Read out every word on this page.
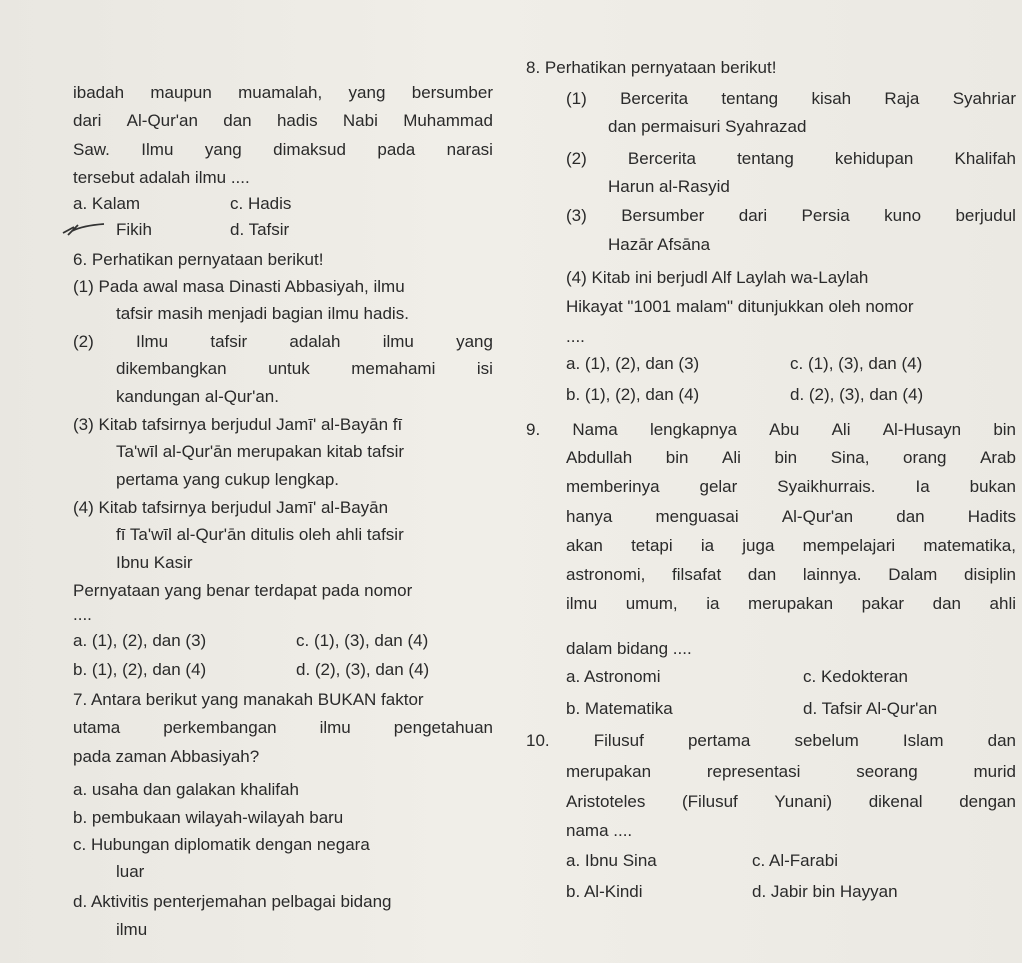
ibadah maupun muamalah, yang bersumber
dari Al-Qur'an dan hadis Nabi Muhammad
Saw. Ilmu yang dimaksud pada narasi
tersebut adalah ilmu ....
a. Kalam	c. Hadis
Fikih	d. Tafsir
6. Perhatikan pernyataan berikut!
(1) Pada awal masa Dinasti Abbasiyah, ilmu
tafsir masih menjadi bagian ilmu hadis.
(2) Ilmu tafsir adalah ilmu yang
dikembangkan untuk memahami isi
kandungan al-Qur'an.
(3) Kitab tafsirnya berjudul Jamī' al-Bayān fī
Ta'wīl al-Qur'ān merupakan kitab tafsir
pertama yang cukup lengkap.
(4) Kitab tafsirnya berjudul Jamī' al-Bayān
fī Ta'wīl al-Qur'ān ditulis oleh ahli tafsir
Ibnu Kasir
Pernyataan yang benar terdapat pada nomor
....
a. (1), (2), dan (3)	c. (1), (3), dan (4)
b. (1), (2), dan (4)	d. (2), (3), dan (4)
7. Antara berikut yang manakah BUKAN faktor
utama	perkembangan	ilmu	pengetahuan
pada zaman Abbasiyah?
a. usaha dan galakan khalifah
b. pembukaan wilayah-wilayah baru
c. Hubungan diplomatik dengan negara
luar
d. Aktivitis penterjemahan pelbagai bidang
ilmu
8. Perhatikan pernyataan berikut!
(1) Bercerita tentang kisah Raja Syahriar
dan permaisuri Syahrazad
(2) Bercerita tentang kehidupan Khalifah
Harun al-Rasyid
(3) Bersumber dari Persia kuno berjudul
Hazār Afsāna
(4) Kitab ini berjudl Alf Laylah wa-Laylah
Hikayat "1001 malam" ditunjukkan oleh nomor
....
a. (1), (2), dan (3)	c. (1), (3), dan (4)
b. (1), (2), dan (4)	d. (2), (3), dan (4)
9. Nama lengkapnya Abu Ali Al-Husayn bin
Abdullah bin Ali bin Sina, orang Arab
memberinya gelar Syaikhurrais. Ia bukan
hanya	menguasai	Al-Qur'an	dan	Hadits
akan tetapi ia juga mempelajari matematika,
astronomi, filsafat dan lainnya. Dalam disiplin
ilmu umum, ia merupakan pakar dan ahli
dalam bidang ....
a. Astronomi	c. Kedokteran
b. Matematika	d. Tafsir Al-Qur'an
10.	Filusuf	pertama	sebelum	Islam	dan
merupakan	representasi	seorang	murid
Aristoteles (Filusuf Yunani) dikenal dengan
nama ....
a. Ibnu Sina	c. Al-Farabi
b. Al-Kindi	d. Jabir bin Hayyan
